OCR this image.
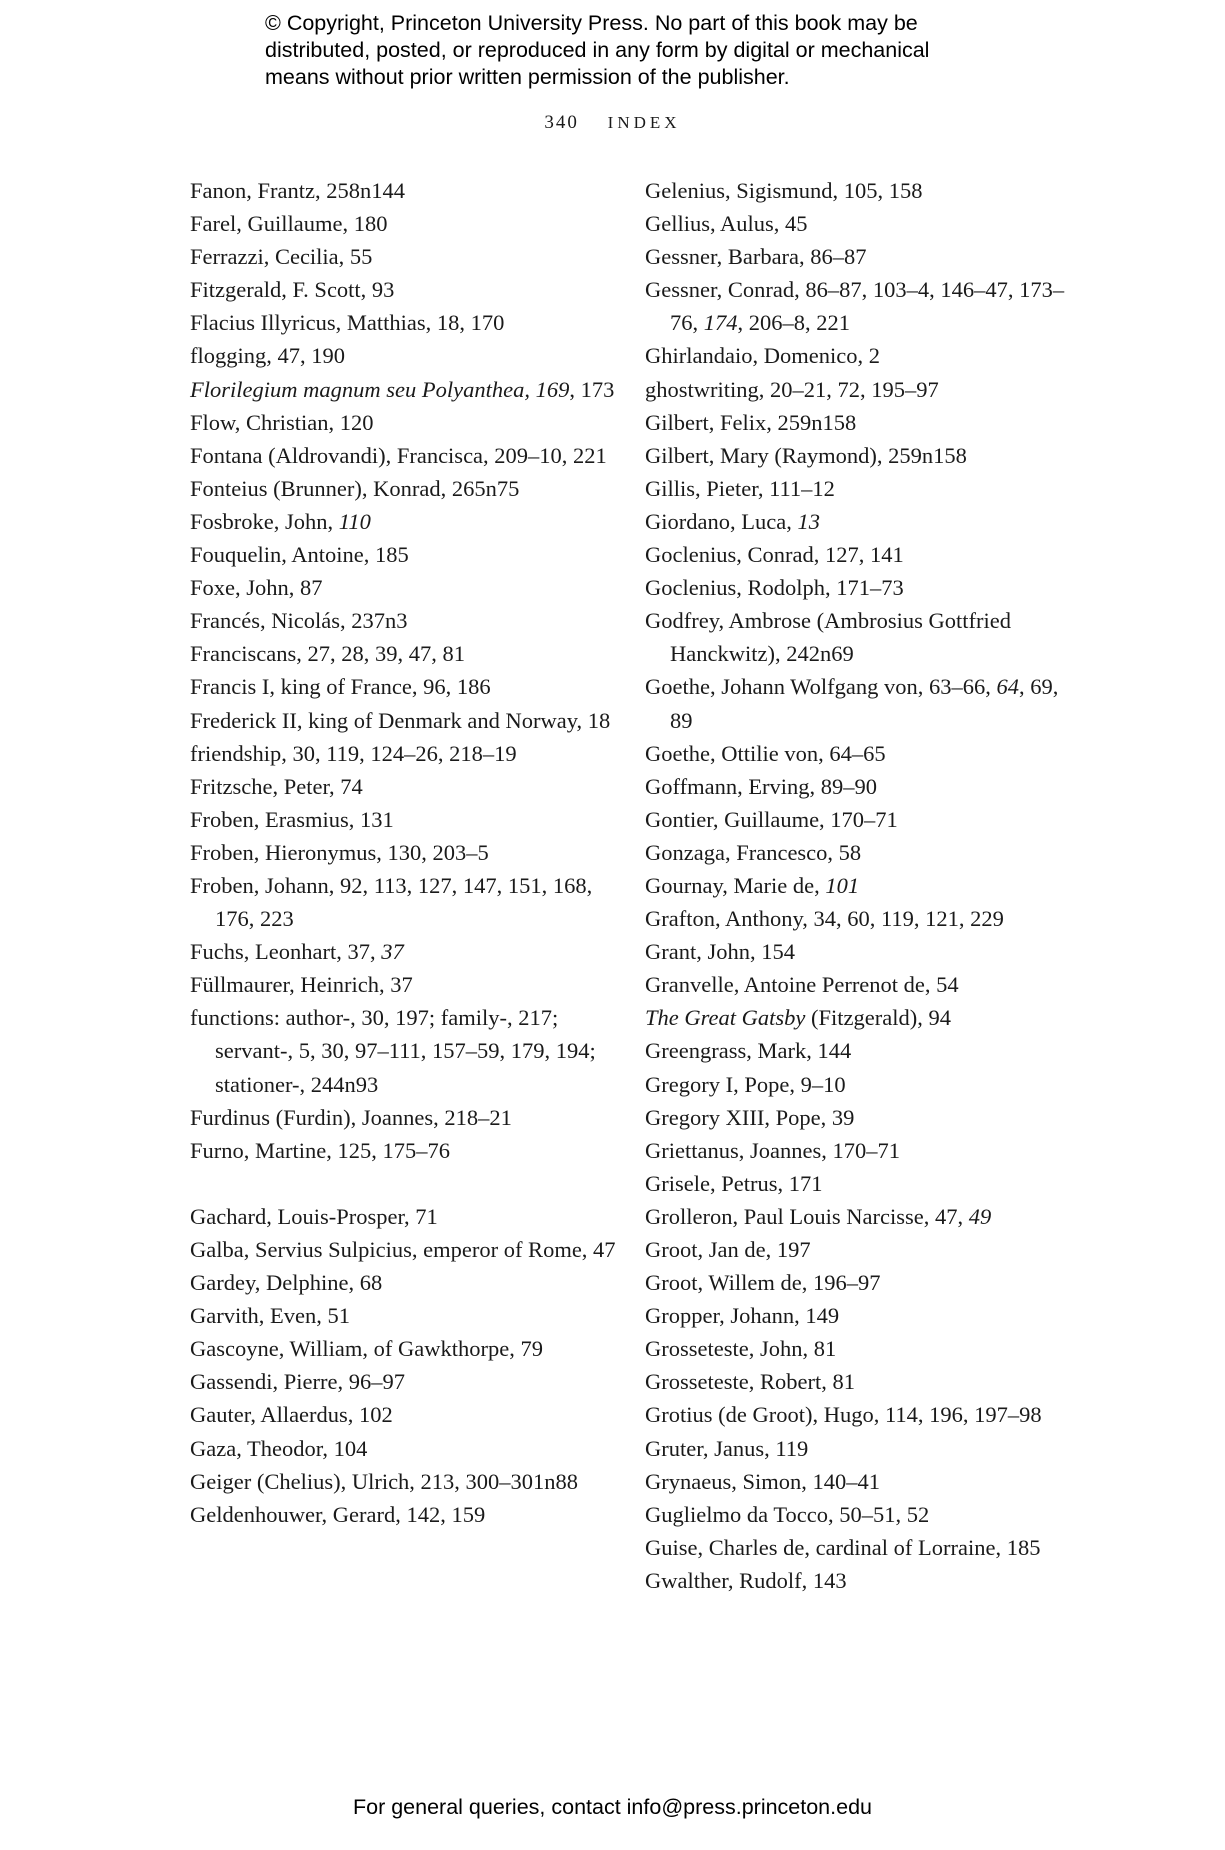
© Copyright, Princeton University Press. No part of this book may be
distributed, posted, or reproduced in any form by digital or mechanical
means without prior written permission of the publisher.
340 INDEX
Fanon, Frantz, 258n144
Farel, Guillaume, 180
Ferrazzi, Cecilia, 55
Fitzgerald, F. Scott, 93
Flacius Illyricus, Matthias, 18, 170
flogging, 47, 190
Florilegium magnum seu Polyanthea, 169, 173
Flow, Christian, 120
Fontana (Aldrovandi), Francisca, 209–10, 221
Fonteius (Brunner), Konrad, 265n75
Fosbroke, John, 110
Fouquelin, Antoine, 185
Foxe, John, 87
Francés, Nicolás, 237n3
Franciscans, 27, 28, 39, 47, 81
Francis I, king of France, 96, 186
Frederick II, king of Denmark and Norway, 18
friendship, 30, 119, 124–26, 218–19
Fritzsche, Peter, 74
Froben, Erasmius, 131
Froben, Hieronymus, 130, 203–5
Froben, Johann, 92, 113, 127, 147, 151, 168, 176, 223
Fuchs, Leonhart, 37, 37
Füllmaurer, Heinrich, 37
functions: author-, 30, 197; family-, 217; servant-, 5, 30, 97–111, 157–59, 179, 194; stationer-, 244n93
Furdinus (Furdin), Joannes, 218–21
Furno, Martine, 125, 175–76
Gachard, Louis-Prosper, 71
Galba, Servius Sulpicius, emperor of Rome, 47
Gardey, Delphine, 68
Garvith, Even, 51
Gascoyne, William, of Gawkthorpe, 79
Gassendi, Pierre, 96–97
Gauter, Allaerdus, 102
Gaza, Theodor, 104
Geiger (Chelius), Ulrich, 213, 300–301n88
Geldenhouwer, Gerard, 142, 159
Gelenius, Sigismund, 105, 158
Gellius, Aulus, 45
Gessner, Barbara, 86–87
Gessner, Conrad, 86–87, 103–4, 146–47, 173–76, 174, 206–8, 221
Ghirlandaio, Domenico, 2
ghostwriting, 20–21, 72, 195–97
Gilbert, Felix, 259n158
Gilbert, Mary (Raymond), 259n158
Gillis, Pieter, 111–12
Giordano, Luca, 13
Goclenius, Conrad, 127, 141
Goclenius, Rodolph, 171–73
Godfrey, Ambrose (Ambrosius Gottfried Hanckwitz), 242n69
Goethe, Johann Wolfgang von, 63–66, 64, 69, 89
Goethe, Ottilie von, 64–65
Goffmann, Erving, 89–90
Gontier, Guillaume, 170–71
Gonzaga, Francesco, 58
Gournay, Marie de, 101
Grafton, Anthony, 34, 60, 119, 121, 229
Grant, John, 154
Granvelle, Antoine Perrenot de, 54
The Great Gatsby (Fitzgerald), 94
Greengrass, Mark, 144
Gregory I, Pope, 9–10
Gregory XIII, Pope, 39
Griettanus, Joannes, 170–71
Grisele, Petrus, 171
Grolleron, Paul Louis Narcisse, 47, 49
Groot, Jan de, 197
Groot, Willem de, 196–97
Gropper, Johann, 149
Grosseteste, John, 81
Grosseteste, Robert, 81
Grotius (de Groot), Hugo, 114, 196, 197–98
Gruter, Janus, 119
Grynaeus, Simon, 140–41
Guglielmo da Tocco, 50–51, 52
Guise, Charles de, cardinal of Lorraine, 185
Gwalther, Rudolf, 143
For general queries, contact info@press.princeton.edu
